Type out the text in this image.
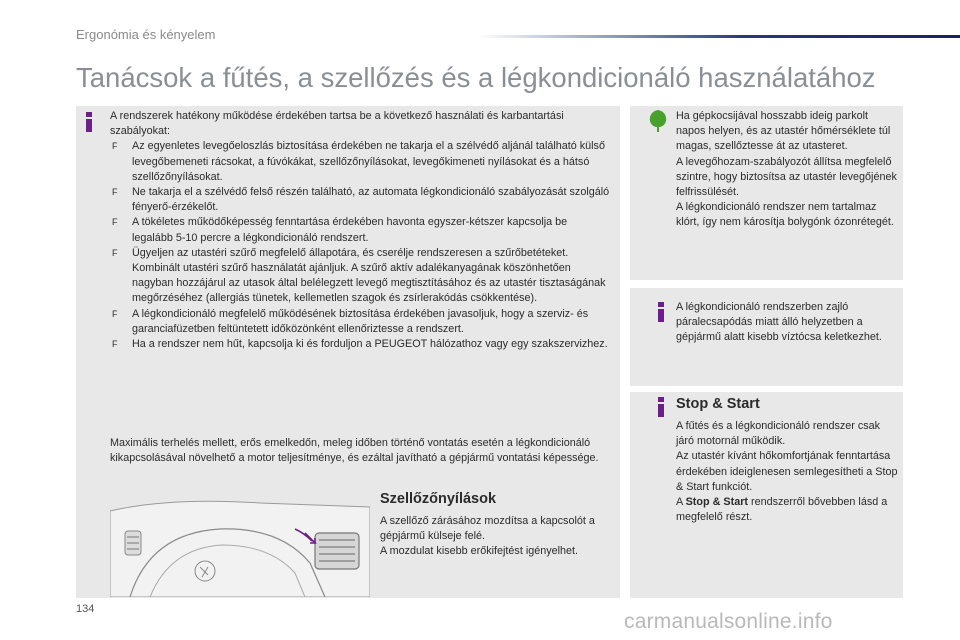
Ergonómia és kényelem
Tanácsok a fűtés, a szellőzés és a légkondicionáló használatához
A rendszerek hatékony működése érdekében tartsa be a következő használati és karbantartási szabályokat:
F Az egyenletes levegőeloszlás biztosítása érdekében ne takarja el a szélvédő aljánál található külső levegőbemeneti rácsokat, a fúvókákat, szellőzőnyílásokat, levegőkimeneti nyílásokat és a hátsó szellőzőnyílásokat.
F Ne takarja el a szélvédő felső részén található, az automata légkondicionáló szabályozását szolgáló fényerő-érzékelőt.
F A tökéletes működőképesség fenntartása érdekében havonta egyszer-kétszer kapcsolja be legalább 5-10 percre a légkondicionáló rendszert.
F Ügyeljen az utastéri szűrő megfelelő állapotára, és cserélje rendszeresen a szűrőbetéteket.
Kombinált utastéri szűrő használatát ajánljuk. A szűrő aktív adalékanyagának köszönhetően nagyban hozzájárul az utasok által belélegzett levegő megtisztításához és az utastér tisztaságának megőrzéséhez (allergiás tünetek, kellemetlen szagok és zsírlerakódás csökkentése).
F A légkondicionáló megfelelő működésének biztosítása érdekében javasoljuk, hogy a szerviz- és garanciafüzetben feltüntetett időközönként ellenőriztesse a rendszert.
F Ha a rendszer nem hűt, kapcsolja ki és forduljon a PEUGEOT hálózathoz vagy egy szakszervizhez.
Maximális terhelés mellett, erős emelkedőn, meleg időben történő vontatás esetén a légkondicionáló kikapcsolásával növelhető a motor teljesítménye, és ezáltal javítható a gépjármű vontatási képessége.
Szellőzőnyílások
A szellőző zárásához mozdítsa a kapcsolót a gépjármű külseje felé.
A mozdulat kisebb erőkifejtést igényelhet.
Ha gépkocsijával hosszabb ideig parkolt napos helyen, és az utastér hőmérséklete túl magas, szellőztesse át az utasteret.
A levegőhozam-szabályozót állítsa megfelelő szintre, hogy biztosítsa az utastér levegőjének felfrissülését.
A légkondicionáló rendszer nem tartalmaz klórt, így nem károsítja bolygónk ózonrétegét.
A légkondicionáló rendszerben zajló páralecsapódás miatt álló helyzetben a gépjármű alatt kisebb víztócsa keletkezhet.
Stop & Start
A fűtés és a légkondicionáló rendszer csak járó motornál működik.
Az utastér kívánt hőkomfortjának fenntartása érdekében ideiglenesen semlegesítheti a Stop & Start funkciót.
A Stop & Start rendszerről bővebben lásd a megfelelő részt.
134
carmanualsonline.info
